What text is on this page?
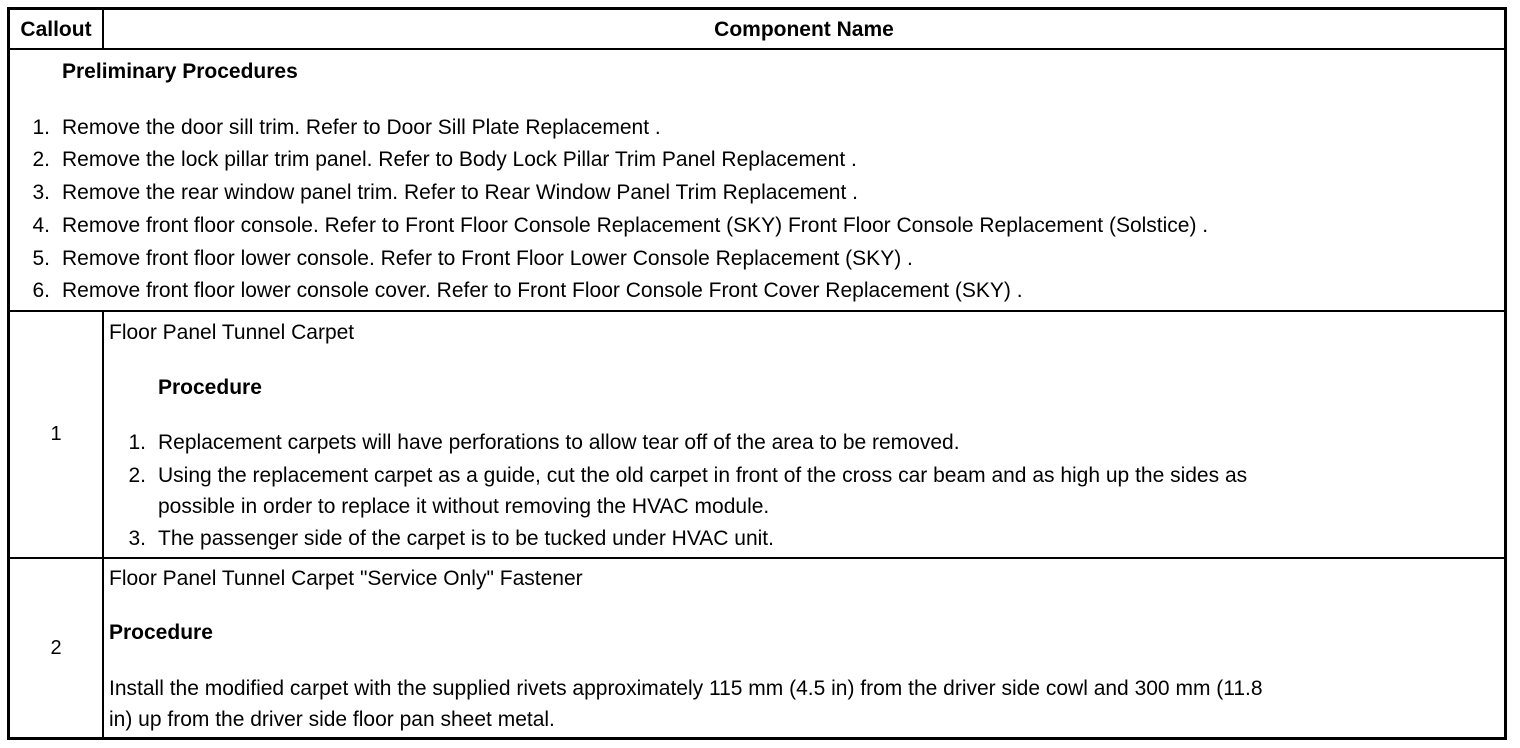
Callout	Component Name
Preliminary Procedures
1. Remove the door sill trim. Refer to Door Sill Plate Replacement .
2. Remove the lock pillar trim panel. Refer to Body Lock Pillar Trim Panel Replacement .
3. Remove the rear window panel trim. Refer to Rear Window Panel Trim Replacement .
4. Remove front floor console. Refer to Front Floor Console Replacement (SKY) Front Floor Console Replacement (Solstice) .
5. Remove front floor lower console. Refer to Front Floor Lower Console Replacement (SKY) .
6. Remove front floor lower console cover. Refer to Front Floor Console Front Cover Replacement (SKY) .
1
Floor Panel Tunnel Carpet
Procedure
1. Replacement carpets will have perforations to allow tear off of the area to be removed.
2. Using the replacement carpet as a guide, cut the old carpet in front of the cross car beam and as high up the sides as
possible in order to replace it without removing the HVAC module.
3. The passenger side of the carpet is to be tucked under HVAC unit.
2
Floor Panel Tunnel Carpet "Service Only" Fastener
Procedure
Install the modified carpet with the supplied rivets approximately 115 mm (4.5 in) from the driver side cowl and 300 mm (11.8
in) up from the driver side floor pan sheet metal.
